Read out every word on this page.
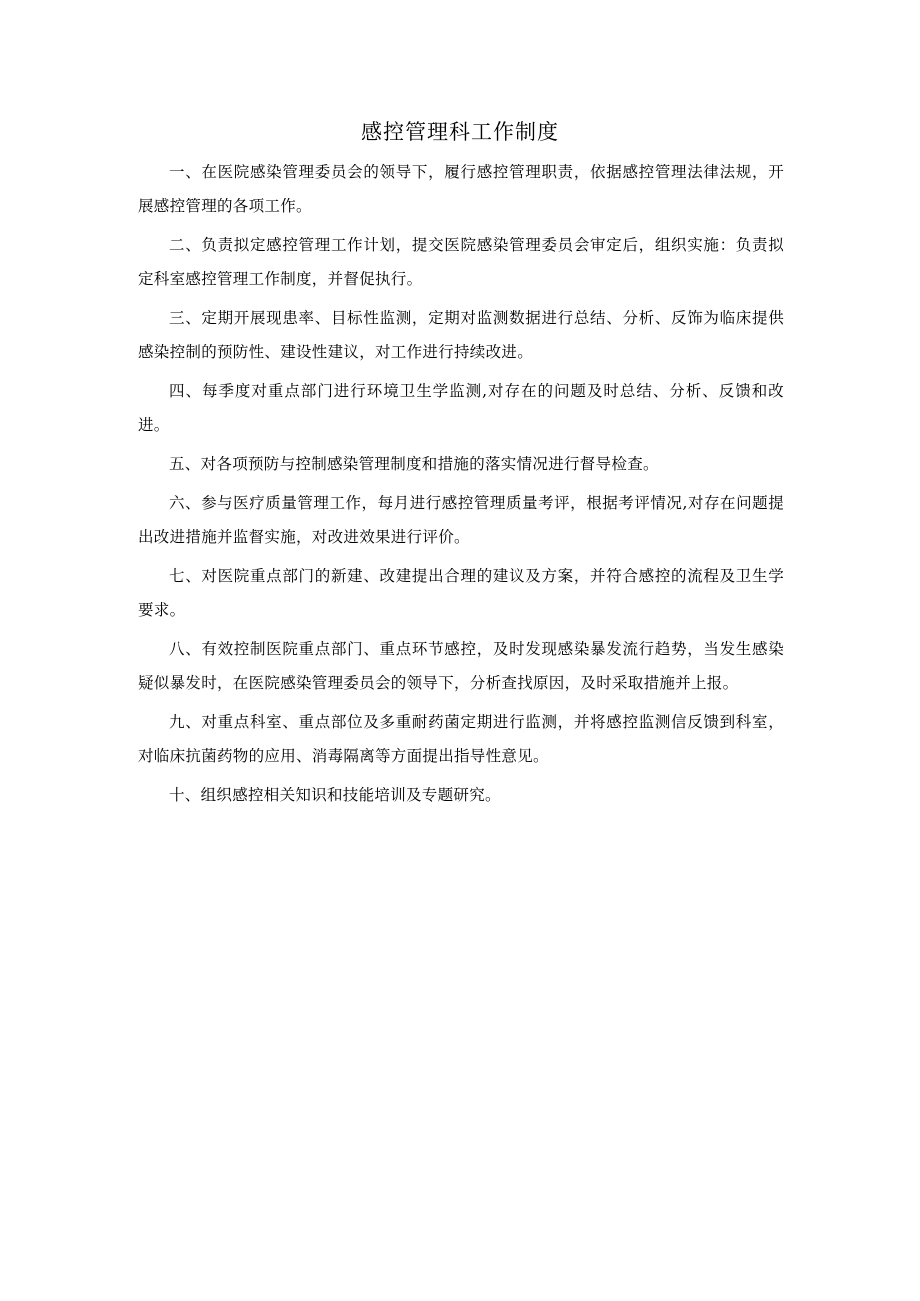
感控管理科工作制度

一、在医院感染管理委员会的领导下，履行感控管理职责，依据感控管理法律法规，开展感控管理的各项工作。

二、负责拟定感控管理工作计划，提交医院感染管理委员会审定后，组织实施：负责拟定科室感控管理工作制度，并督促执行。

三、定期开展现患率、目标性监测，定期对监测数据进行总结、分析、反饰为临床提供感染控制的预防性、建设性建议，对工作进行持续改进。

四、每季度对重点部门进行环境卫生学监测,对存在的问题及时总结、分析、反馈和改进。

五、对各项预防与控制感染管理制度和措施的落实情况进行督导检查。

六、参与医疗质量管理工作，每月进行感控管理质量考评，根据考评情况,对存在问题提出改进措施并监督实施，对改进效果进行评价。

七、对医院重点部门的新建、改建提出合理的建议及方案，并符合感控的流程及卫生学要求。

八、有效控制医院重点部门、重点环节感控，及时发现感染暴发流行趋势，当发生感染疑似暴发时，在医院感染管理委员会的领导下，分析查找原因，及时采取措施并上报。

九、对重点科室、重点部位及多重耐药菌定期进行监测，并将感控监测信反馈到科室，对临床抗菌药物的应用、消毒隔离等方面提出指导性意见。

十、组织感控相关知识和技能培训及专题研究。
